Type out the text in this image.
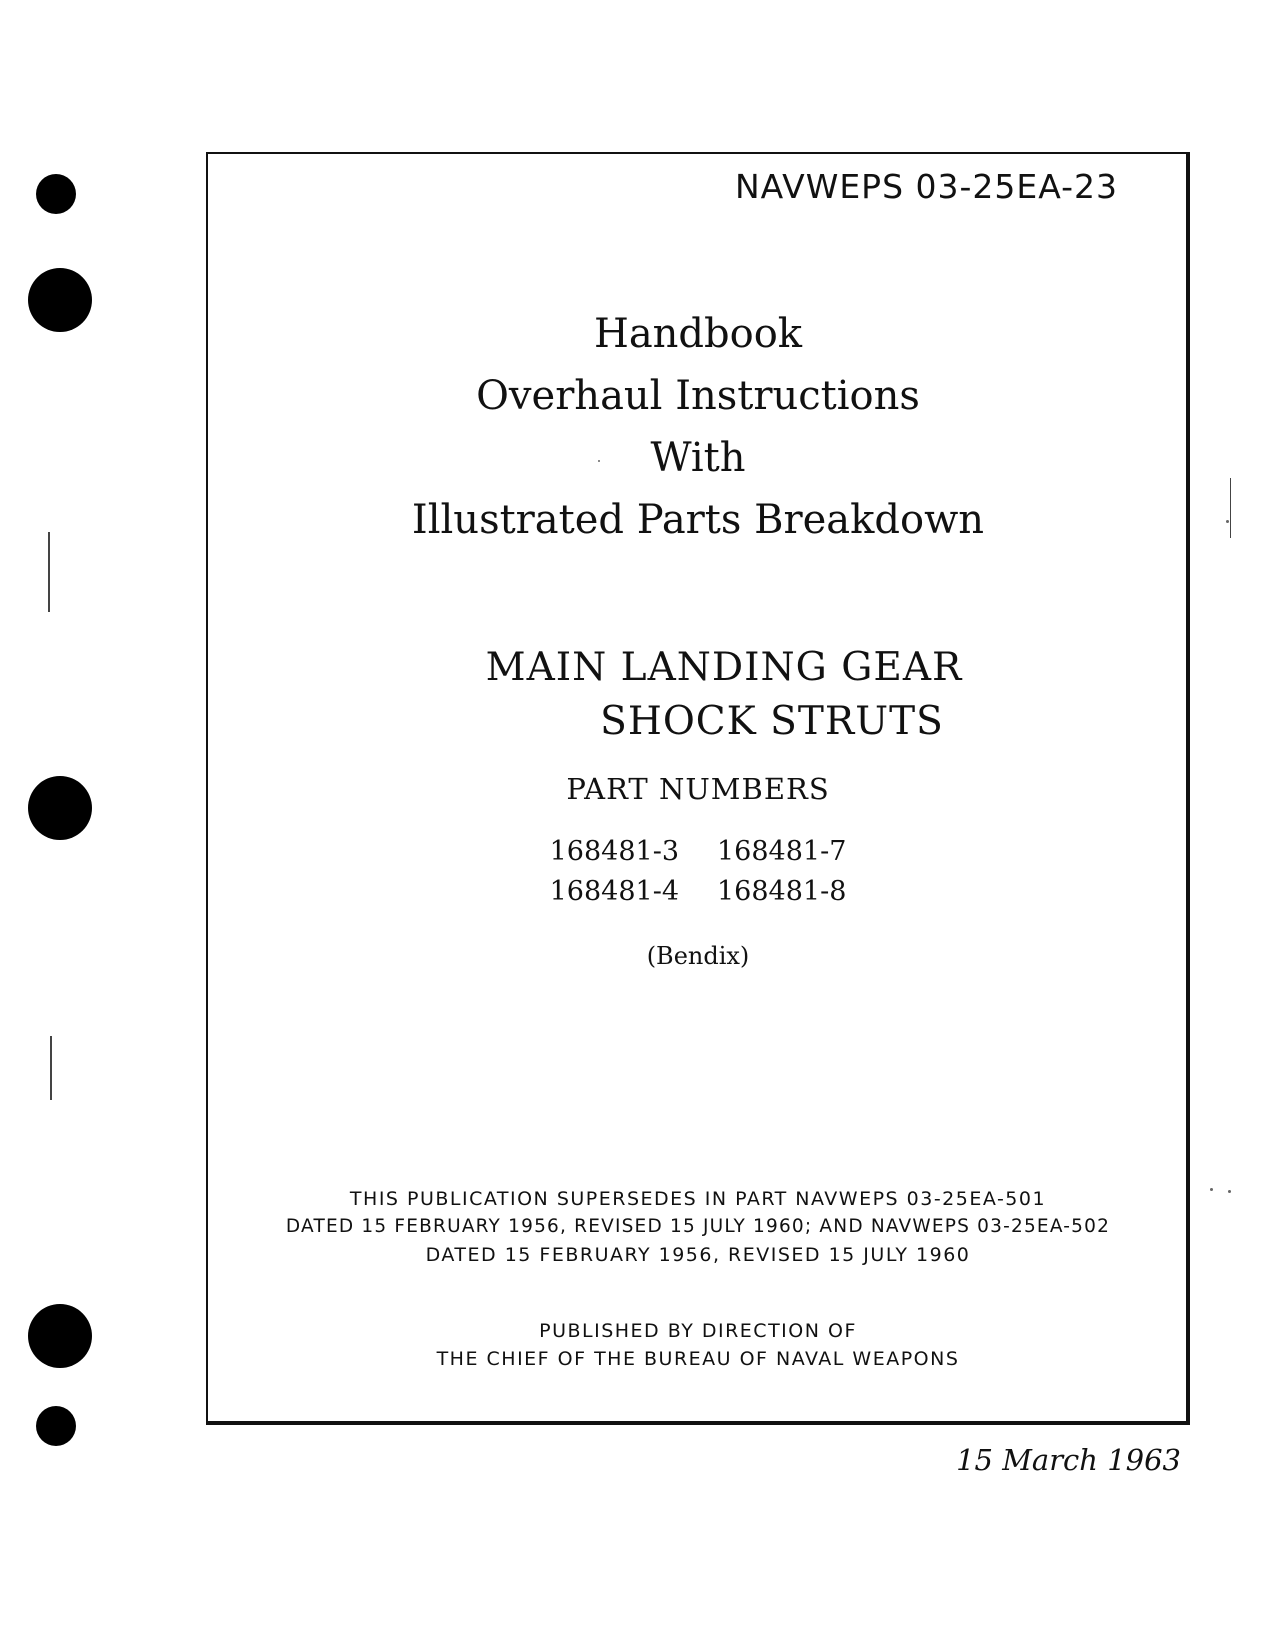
NAVWEPS 03-25EA-23
Handbook
Overhaul Instructions
With
Illustrated Parts Breakdown
MAIN LANDING GEAR
SHOCK STRUTS
PART NUMBERS
168481-3 168481-7
168481-4 168481-8
(Bendix)
THIS PUBLICATION SUPERSEDES IN PART NAVWEPS 03-25EA-501
DATED 15 FEBRUARY 1956, REVISED 15 JULY 1960; AND NAVWEPS 03-25EA-502
DATED 15 FEBRUARY 1956, REVISED 15 JULY 1960
PUBLISHED BY DIRECTION OF
THE CHIEF OF THE BUREAU OF NAVAL WEAPONS
15 March 1963
